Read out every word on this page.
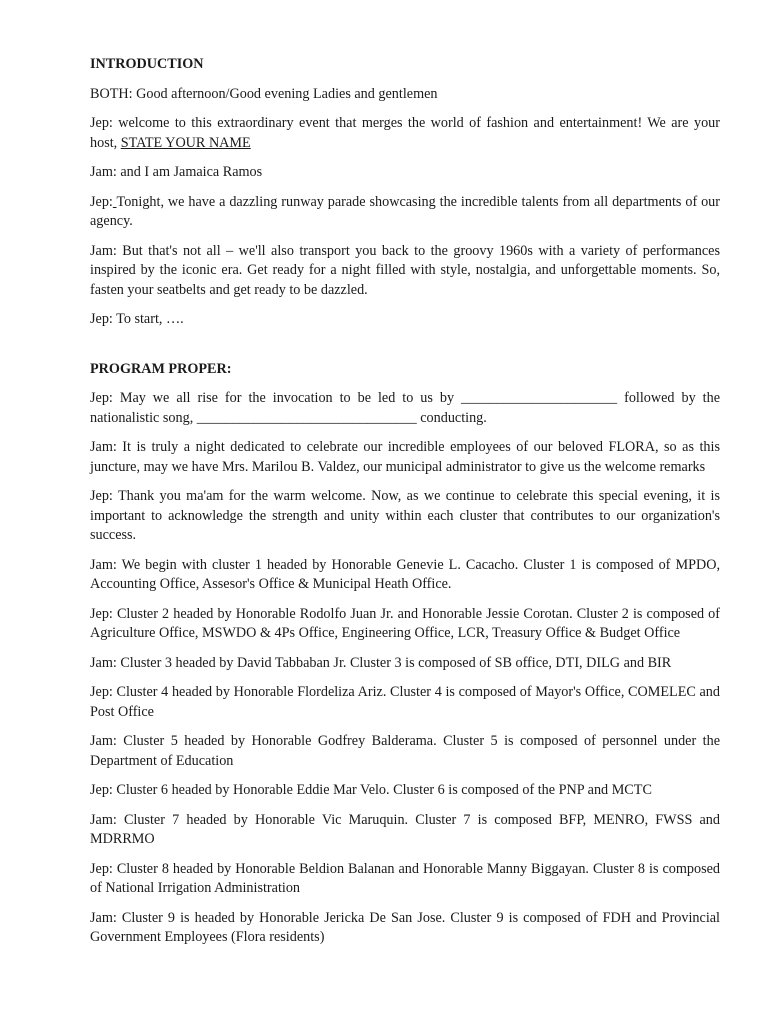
INTRODUCTION
BOTH: Good afternoon/Good evening Ladies and gentlemen
Jep: welcome to this extraordinary event that merges the world of fashion and entertainment! We are your host, STATE YOUR NAME
Jam: and I am Jamaica Ramos
Jep: Tonight, we have a dazzling runway parade showcasing the incredible talents from all departments of our agency.
Jam: But that's not all – we'll also transport you back to the groovy 1960s with a variety of performances inspired by the iconic era. Get ready for a night filled with style, nostalgia, and unforgettable moments. So, fasten your seatbelts and get ready to be dazzled.
Jep: To start, ….
PROGRAM PROPER:
Jep: May we all rise for the invocation to be led to us by ______________________ followed by the nationalistic song, _______________________________ conducting.
Jam: It is truly a night dedicated to celebrate our incredible employees of our beloved FLORA, so as this juncture, may we have Mrs. Marilou B. Valdez, our municipal administrator to give us the welcome remarks
Jep: Thank you ma'am for the warm welcome. Now, as we continue to celebrate this special evening, it is important to acknowledge the strength and unity within each cluster that contributes to our organization's success.
Jam: We begin with cluster 1 headed by Honorable Genevie L. Cacacho. Cluster 1 is composed of MPDO, Accounting Office, Assesor's Office & Municipal Heath Office.
Jep: Cluster 2 headed by Honorable Rodolfo Juan Jr. and Honorable Jessie Corotan. Cluster 2 is composed of Agriculture Office, MSWDO & 4Ps Office, Engineering Office, LCR, Treasury Office & Budget Office
Jam: Cluster 3 headed by David Tabbaban Jr. Cluster 3 is composed of SB office, DTI, DILG and BIR
Jep: Cluster 4 headed by Honorable Flordeliza Ariz. Cluster 4 is composed of Mayor's Office, COMELEC and Post Office
Jam: Cluster 5 headed by Honorable Godfrey Balderama. Cluster 5 is composed of personnel under the Department of Education
Jep: Cluster 6 headed by Honorable Eddie Mar Velo. Cluster 6 is composed of the PNP and MCTC
Jam: Cluster 7 headed by Honorable Vic Maruquin. Cluster 7 is composed BFP, MENRO, FWSS and MDRRMO
Jep: Cluster 8 headed by Honorable Beldion Balanan and Honorable Manny Biggayan. Cluster 8 is composed of National Irrigation Administration
Jam: Cluster 9 is headed by Honorable Jericka De San Jose. Cluster 9 is composed of FDH and Provincial Government Employees (Flora residents)
